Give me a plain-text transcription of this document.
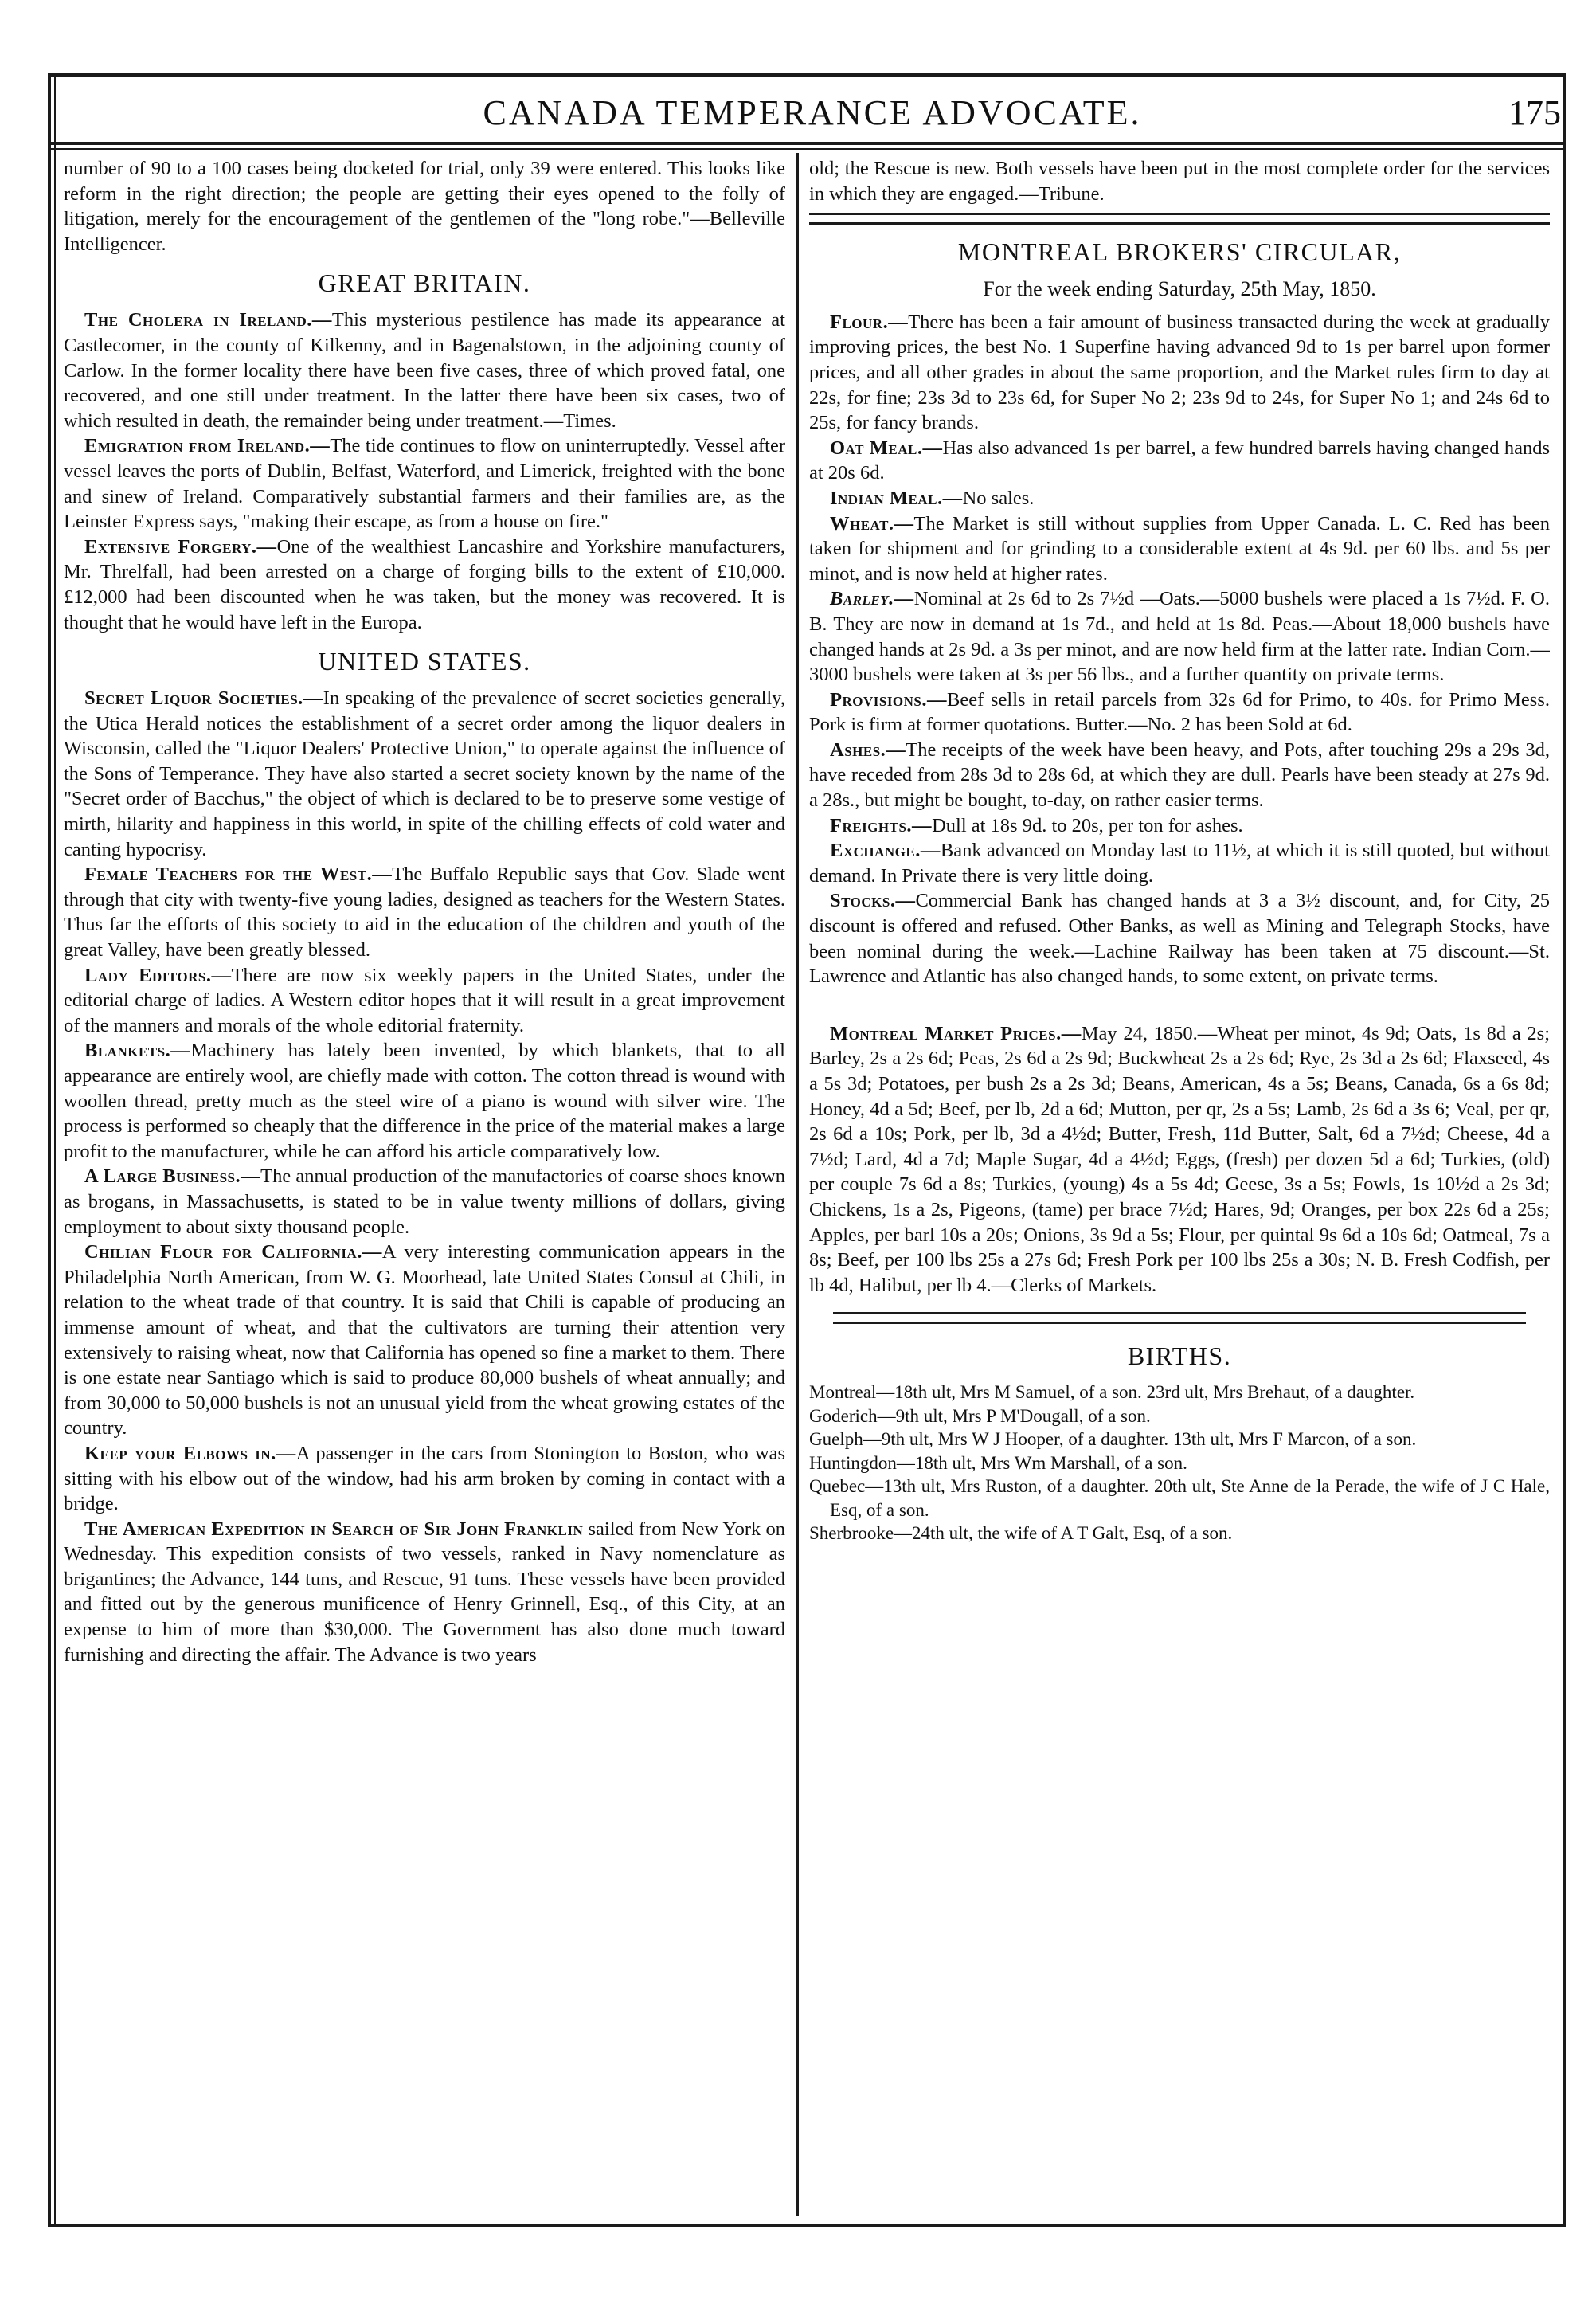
CANADA TEMPERANCE ADVOCATE.	175

number of 90 to a 100 cases being docketed for trial, only 39 were entered. This looks like reform in the right direction; the people are getting their eyes opened to the folly of litigation, merely for the encouragement of the gentlemen of the "long robe."—Belleville Intelligencer.

GREAT BRITAIN.

The Cholera in Ireland.—This mysterious pestilence has made its appearance at Castlecomer, in the county of Kilkenny, and in Bagenalstown, in the adjoining county of Carlow. In the former locality there have been five cases, three of which proved fatal, one recovered, and one still under treatment. In the latter there have been six cases, two of which resulted in death, the remainder being under treatment.—Times.

Emigration from Ireland.—The tide continues to flow on uninterruptedly. Vessel after vessel leaves the ports of Dublin, Belfast, Waterford, and Limerick, freighted with the bone and sinew of Ireland. Comparatively substantial farmers and their families are, as the Leinster Express says, "making their escape, as from a house on fire."

Extensive Forgery.—One of the wealthiest Lancashire and Yorkshire manufacturers, Mr. Threlfall, had been arrested on a charge of forging bills to the extent of £10,000. £12,000 had been discounted when he was taken, but the money was recovered. It is thought that he would have left in the Europa.

UNITED STATES.

Secret Liquor Societies.—In speaking of the prevalence of secret societies generally, the Utica Herald notices the establishment of a secret order among the liquor dealers in Wisconsin, called the "Liquor Dealers' Protective Union," to operate against the influence of the Sons of Temperance. They have also started a secret society known by the name of the "Secret order of Bacchus," the object of which is declared to be to preserve some vestige of mirth, hilarity and happiness in this world, in spite of the chilling effects of cold water and canting hypocrisy.

Female Teachers for the West.—The Buffalo Republic says that Gov. Slade went through that city with twenty-five young ladies, designed as teachers for the Western States. Thus far the efforts of this society to aid in the education of the children and youth of the great Valley, have been greatly blessed.

Lady Editors.—There are now six weekly papers in the United States, under the editorial charge of ladies. A Western editor hopes that it will result in a great improvement of the manners and morals of the whole editorial fraternity.

Blankets.—Machinery has lately been invented, by which blankets, that to all appearance are entirely wool, are chiefly made with cotton. The cotton thread is wound with woollen thread, pretty much as the steel wire of a piano is wound with silver wire. The process is performed so cheaply that the difference in the price of the material makes a large profit to the manufacturer, while he can afford his article comparatively low.

A Large Business.—The annual production of the manufactories of coarse shoes known as brogans, in Massachusetts, is stated to be in value twenty millions of dollars, giving employment to about sixty thousand people.

Chilian Flour for California.—A very interesting communication appears in the Philadelphia North American, from W. G. Moorhead, late United States Consul at Chili, in relation to the wheat trade of that country. It is said that Chili is capable of producing an immense amount of wheat, and that the cultivators are turning their attention very extensively to raising wheat, now that California has opened so fine a market to them. There is one estate near Santiago which is said to produce 80,000 bushels of wheat annually; and from 30,000 to 50,000 bushels is not an unusual yield from the wheat growing estates of the country.

Keep your Elbows in.—A passenger in the cars from Stonington to Boston, who was sitting with his elbow out of the window, had his arm broken by coming in contact with a bridge.

The American Expedition in Search of Sir John Franklin sailed from New York on Wednesday. This expedition consists of two vessels, ranked in Navy nomenclature as brigantines; the Advance, 144 tuns, and Rescue, 91 tuns. These vessels have been provided and fitted out by the generous munificence of Henry Grinnell, Esq., of this City, at an expense to him of more than $30,000. The Government has also done much toward furnishing and directing the affair. The Advance is two years

old; the Rescue is new. Both vessels have been put in the most complete order for the services in which they are engaged.—Tribune.

MONTREAL BROKERS' CIRCULAR,
For the week ending Saturday, 25th May, 1850.

Flour.—There has been a fair amount of business transacted during the week at gradually improving prices, the best No. 1 Superfine having advanced 9d to 1s per barrel upon former prices, and all other grades in about the same proportion, and the Market rules firm to day at 22s, for fine; 23s 3d to 23s 6d, for Super No 2; 23s 9d to 24s, for Super No 1; and 24s 6d to 25s, for fancy brands.

Oat Meal.—Has also advanced 1s per barrel, a few hundred barrels having changed hands at 20s 6d.

Indian Meal.—No sales.

Wheat.—The Market is still without supplies from Upper Canada. L. C. Red has been taken for shipment and for grinding to a considerable extent at 4s 9d. per 60 lbs. and 5s per minot, and is now held at higher rates.

Barley.—Nominal at 2s 6d to 2s 7½d —Oats.—5000 bushels were placed a 1s 7½d. F. O. B. They are now in demand at 1s 7d., and held at 1s 8d. Peas.—About 18,000 bushels have changed hands at 2s 9d. a 3s per minot, and are now held firm at the latter rate. Indian Corn.—3000 bushels were taken at 3s per 56 lbs., and a further quantity on private terms.

Provisions.—Beef sells in retail parcels from 32s 6d for Primo, to 40s. for Primo Mess. Pork is firm at former quotations. Butter.—No. 2 has been Sold at 6d.

Ashes.—The receipts of the week have been heavy, and Pots, after touching 29s a 29s 3d, have receded from 28s 3d to 28s 6d, at which they are dull. Pearls have been steady at 27s 9d. a 28s., but might be bought, to-day, on rather easier terms.

Freights.—Dull at 18s 9d. to 20s, per ton for ashes.

Exchange.—Bank advanced on Monday last to 11½, at which it is still quoted, but without demand. In Private there is very little doing.

Stocks.—Commercial Bank has changed hands at 3 a 3½ discount, and, for City, 25 discount is offered and refused. Other Banks, as well as Mining and Telegraph Stocks, have been nominal during the week.—Lachine Railway has been taken at 75 discount.—St. Lawrence and Atlantic has also changed hands, to some extent, on private terms.

Montreal Market Prices.—May 24, 1850.—Wheat per minot, 4s 9d; Oats, 1s 8d a 2s; Barley, 2s a 2s 6d; Peas, 2s 6d a 2s 9d; Buckwheat 2s a 2s 6d; Rye, 2s 3d a 2s 6d; Flaxseed, 4s a 5s 3d; Potatoes, per bush 2s a 2s 3d; Beans, American, 4s a 5s; Beans, Canada, 6s a 6s 8d; Honey, 4d a 5d; Beef, per lb, 2d a 6d; Mutton, per qr, 2s a 5s; Lamb, 2s 6d a 3s 6; Veal, per qr, 2s 6d a 10s; Pork, per lb, 3d a 4½d; Butter, Fresh, 11d Butter, Salt, 6d a 7½d; Cheese, 4d a 7½d; Lard, 4d a 7d; Maple Sugar, 4d a 4½d; Eggs, (fresh) per dozen 5d a 6d; Turkies, (old) per couple 7s 6d a 8s; Turkies, (young) 4s a 5s 4d; Geese, 3s a 5s; Fowls, 1s 10½d a 2s 3d; Chickens, 1s a 2s, Pigeons, (tame) per brace 7½d; Hares, 9d; Oranges, per box 22s 6d a 25s; Apples, per barl 10s a 20s; Onions, 3s 9d a 5s; Flour, per quintal 9s 6d a 10s 6d; Oatmeal, 7s a 8s; Beef, per 100 lbs 25s a 27s 6d; Fresh Pork per 100 lbs 25s a 30s; N. B. Fresh Codfish, per lb 4d, Halibut, per lb 4.—Clerks of Markets.

BIRTHS.

Montreal—18th ult, Mrs M Samuel, of a son. 23rd ult, Mrs Brehaut, of a daughter.

Goderich—9th ult, Mrs P M'Dougall, of a son.

Guelph—9th ult, Mrs W J Hooper, of a daughter. 13th ult, Mrs F Marcon, of a son.

Huntingdon—18th ult, Mrs Wm Marshall, of a son.

Quebec—13th ult, Mrs Ruston, of a daughter. 20th ult, Ste Anne de la Perade, the wife of J C Hale, Esq, of a son.

Sherbrooke—24th ult, the wife of A T Galt, Esq, of a son.
